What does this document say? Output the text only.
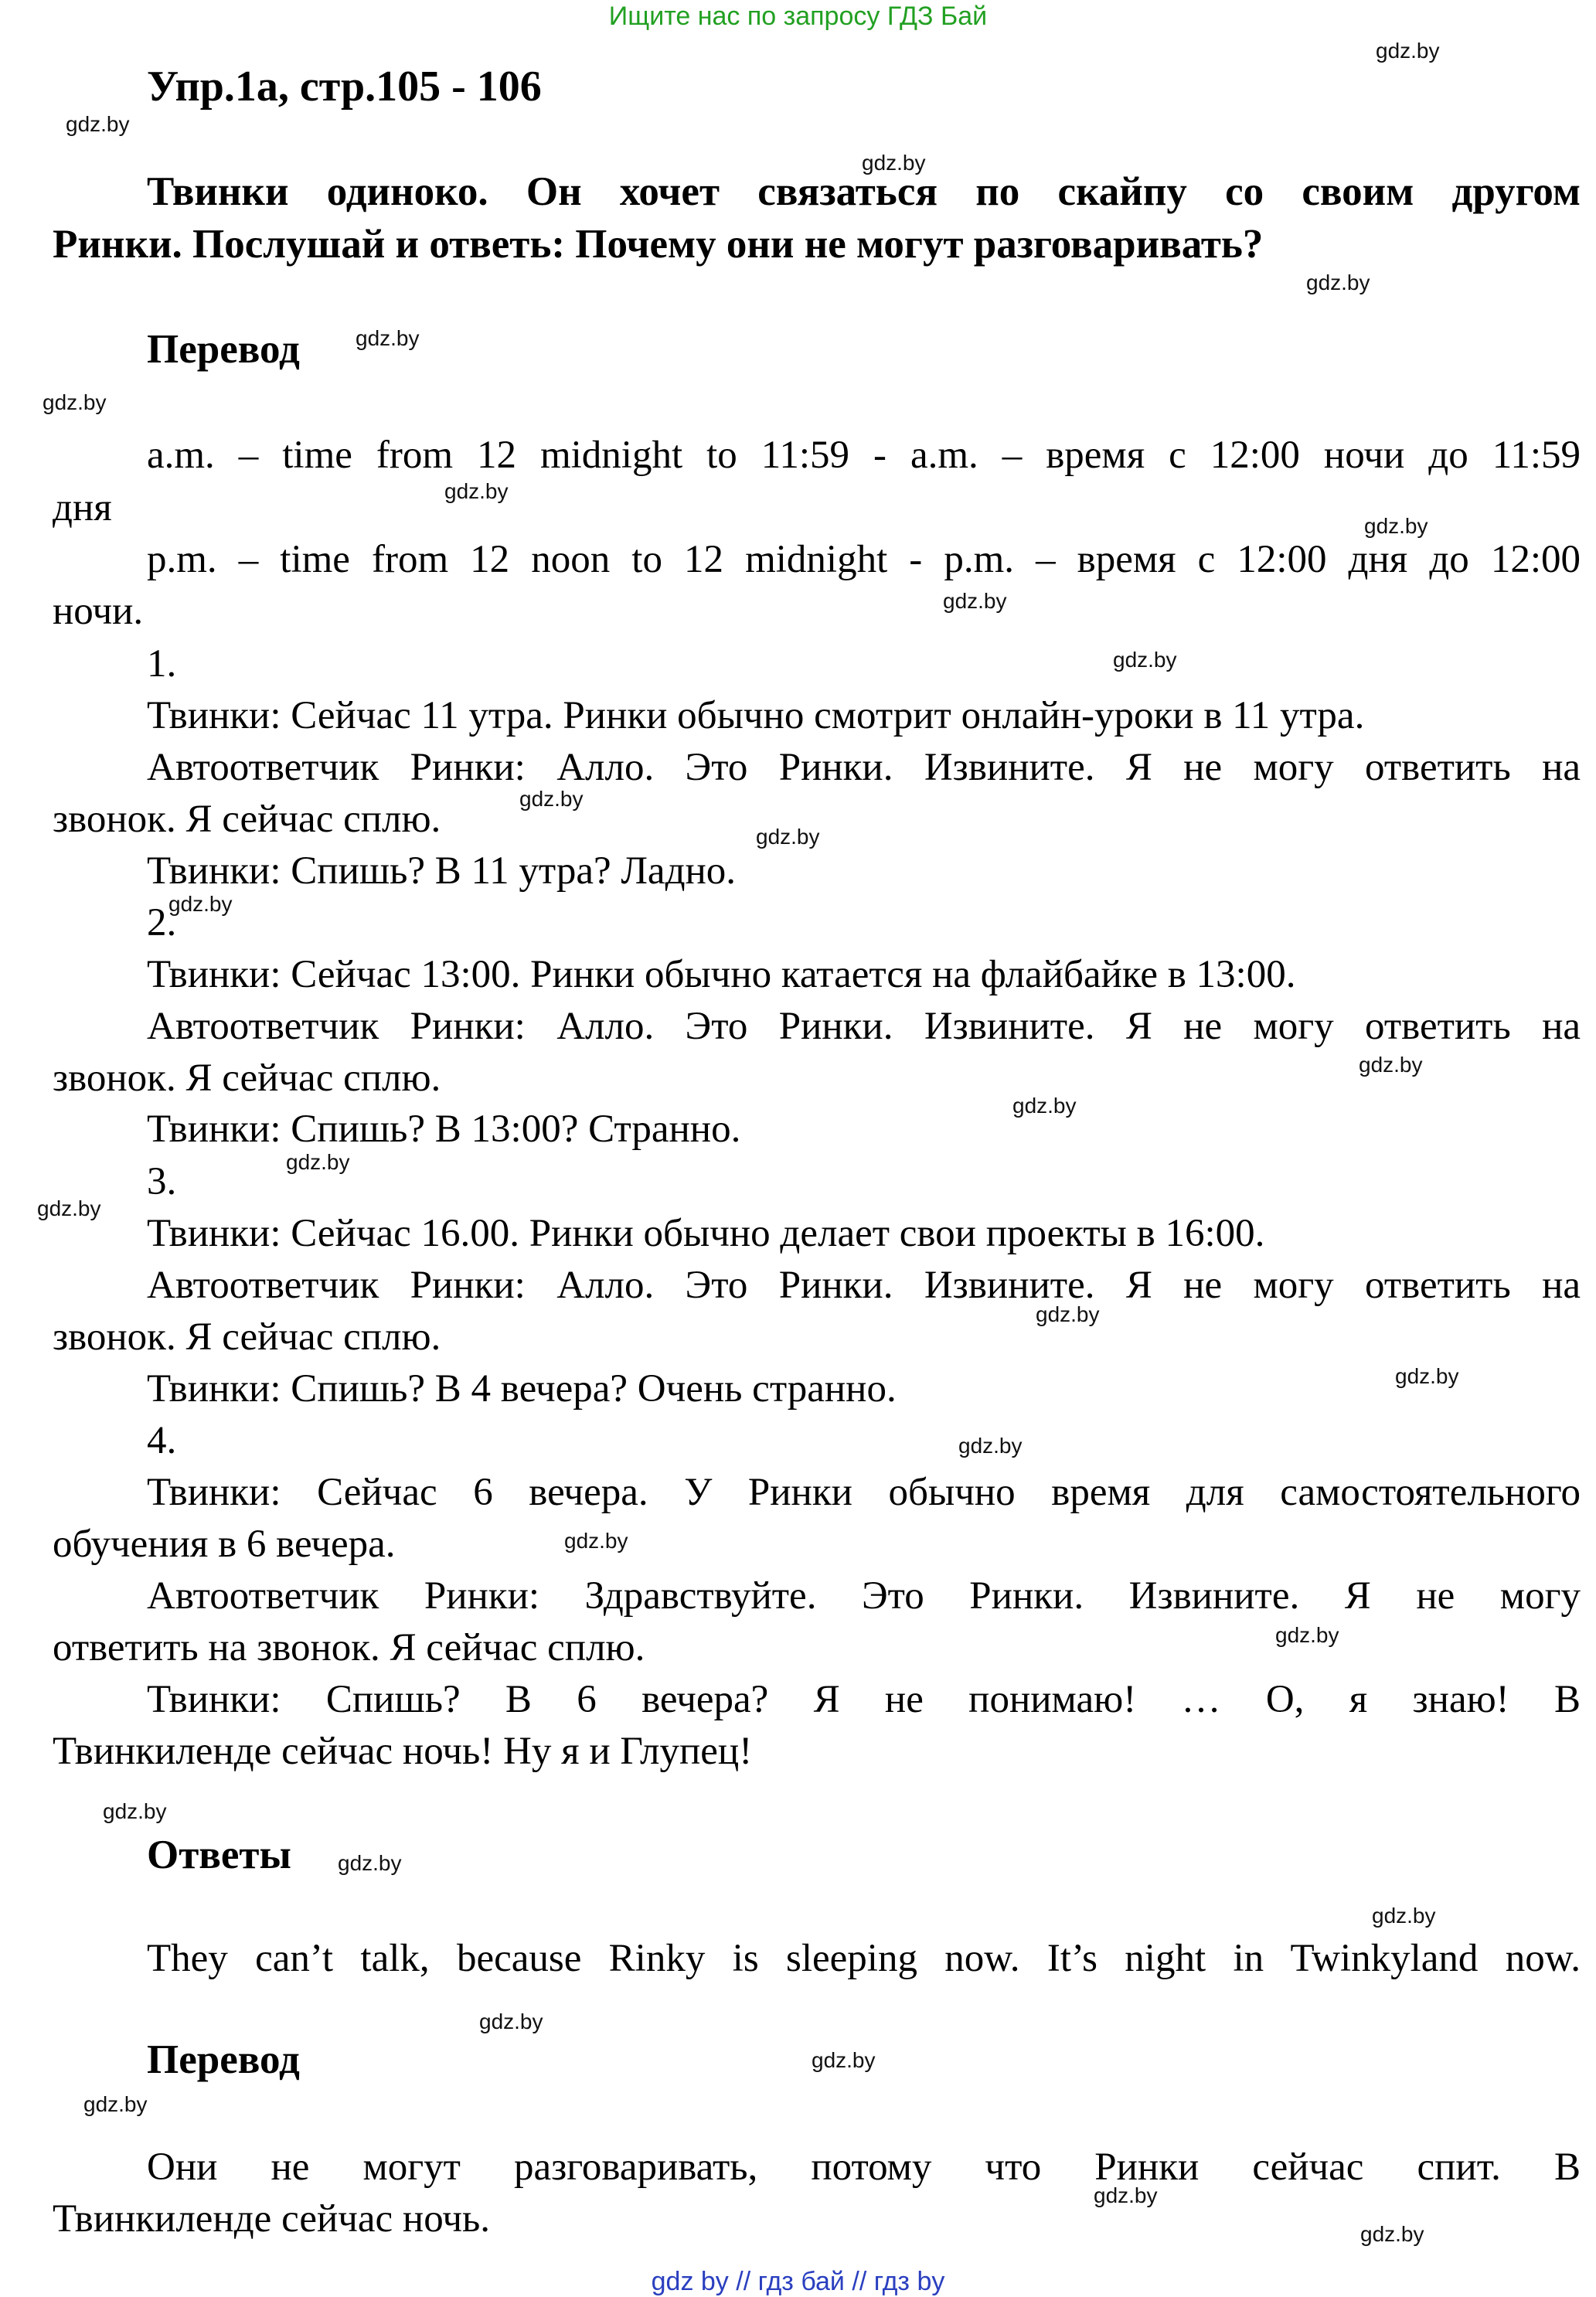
Ищите нас по запросу ГДЗ Бай
Упр.1а, стр.105 - 106
Твинки одиноко. Он хочет связаться по скайпу со своим другом
Ринки. Послушай и ответь: Почему они не могут разговаривать?
Перевод
a.m. – time from 12 midnight to 11:59 - a.m. – время с 12:00 ночи до 11:59
дня
p.m. – time from 12 noon to 12 midnight - p.m. – время с 12:00 дня до 12:00
ночи.
1.
Твинки: Сейчас 11 утра. Ринки обычно смотрит онлайн-уроки в 11 утра.
Автоответчик Ринки: Алло. Это Ринки. Извините. Я не могу ответить на
звонок. Я сейчас сплю.
Твинки: Спишь? В 11 утра? Ладно.
2.
Твинки: Сейчас 13:00. Ринки обычно катается на флайбайке в 13:00.
Автоответчик Ринки: Алло. Это Ринки. Извините. Я не могу ответить на
звонок. Я сейчас сплю.
Твинки: Спишь? В 13:00? Странно.
3.
Твинки: Сейчас 16.00. Ринки обычно делает свои проекты в 16:00.
Автоответчик Ринки: Алло. Это Ринки. Извините. Я не могу ответить на
звонок. Я сейчас сплю.
Твинки: Спишь? В 4 вечера? Очень странно.
4.
Твинки: Сейчас 6 вечера. У Ринки обычно время для самостоятельного
обучения в 6 вечера.
Автоответчик Ринки: Здравствуйте. Это Ринки. Извините. Я не могу
ответить на звонок. Я сейчас сплю.
Твинки: Спишь? В 6 вечера? Я не понимаю! … О, я знаю! В
Твинкиленде сейчас ночь! Ну я и Глупец!
Ответы
They can’t talk, because Rinky is sleeping now. It’s night in Twinkyland now.
Перевод
Они не могут разговаривать, потому что Ринки сейчас спит. В
Твинкиленде сейчас ночь.
gdz.by
gdz.by
gdz.by
gdz.by
gdz.by
gdz.by
gdz.by
gdz.by
gdz.by
gdz.by
gdz.by
gdz.by
gdz.by
gdz.by
gdz.by
gdz.by
gdz.by
gdz.by
gdz.by
gdz.by
gdz.by
gdz.by
gdz.by
gdz.by
gdz.by
gdz.by
gdz.by
gdz.by
gdz.by
gdz.by
gdz by // гдз бай // гдз by
